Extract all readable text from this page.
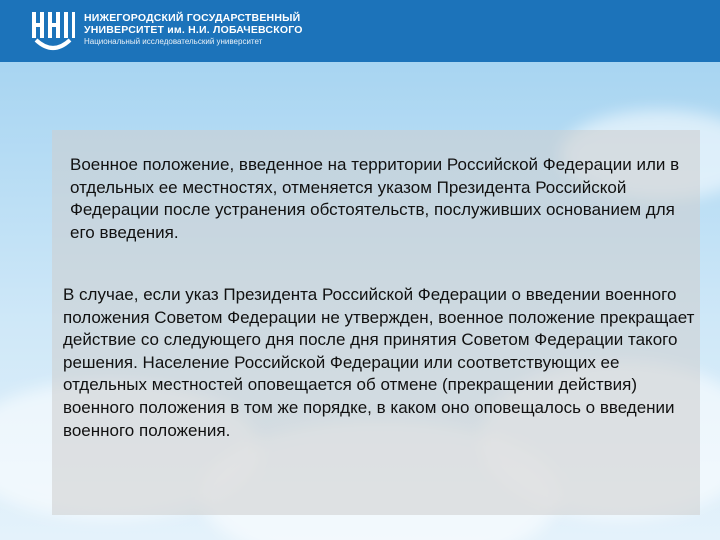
НИЖЕГОРОДСКИЙ ГОСУДАРСТВЕННЫЙ
УНИВЕРСИТЕТ им. Н.И. ЛОБАЧЕВСКОГО
Национальный исследовательский университет

Военное положение, введенное на территории Российской Федерации или в отдельных ее местностях, отменяется указом Президента Российской Федерации после устранения обстоятельств, послуживших основанием для его введения.

В случае, если указ Президента Российской Федерации о введении военного положения Советом Федерации не утвержден, военное положение прекращает действие со следующего дня после дня принятия Советом Федерации такого решения. Население Российской Федерации или соответствующих ее отдельных местностей оповещается об отмене (прекращении действия) военного положения в том же порядке, в каком оно оповещалось о введении военного положения.
